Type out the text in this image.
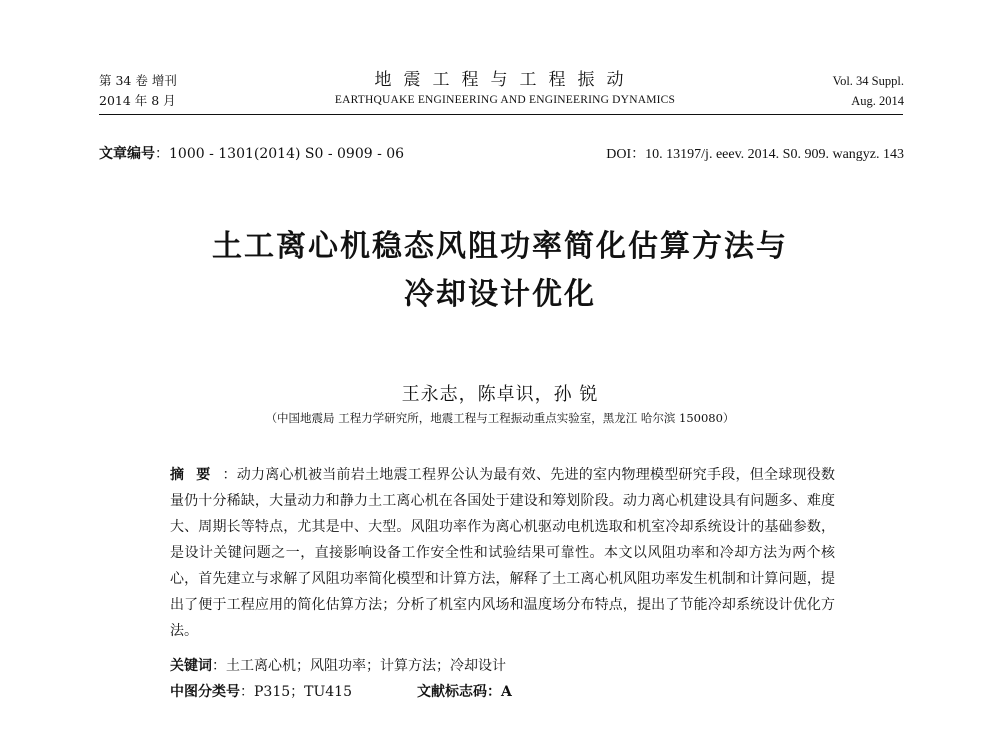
第 34 卷 增刊
2014 年 8 月
地震工程与工程振动
EARTHQUAKE ENGINEERING AND ENGINEERING DYNAMICS
Vol. 34 Suppl.
Aug. 2014
文章编号：1000 - 1301(2014) S0 - 0909 - 06	DOI：10. 13197/j. eeev. 2014. S0. 909. wangyz. 143
土工离心机稳态风阻功率简化估算方法与
冷却设计优化
王永志，陈卓识，孙 锐
（中国地震局 工程力学研究所，地震工程与工程振动重点实验室，黑龙江 哈尔滨 150080）
摘要：动力离心机被当前岩土地震工程界公认为最有效、先进的室内物理模型研究手段，但全球现役数量仍十分稀缺，大量动力和静力土工离心机在各国处于建设和筹划阶段。动力离心机建设具有问题多、难度大、周期长等特点，尤其是中、大型。风阻功率作为离心机驱动电机选取和机室冷却系统设计的基础参数，是设计关键问题之一，直接影响设备工作安全性和试验结果可靠性。本文以风阻功率和冷却方法为两个核心，首先建立与求解了风阻功率简化模型和计算方法，解释了土工离心机风阻功率发生机制和计算问题，提出了便于工程应用的简化估算方法；分析了机室内风场和温度场分布特点，提出了节能冷却系统设计优化方法。
关键词：土工离心机；风阻功率；计算方法；冷却设计
中图分类号：P315；TU415	文献标志码：A
